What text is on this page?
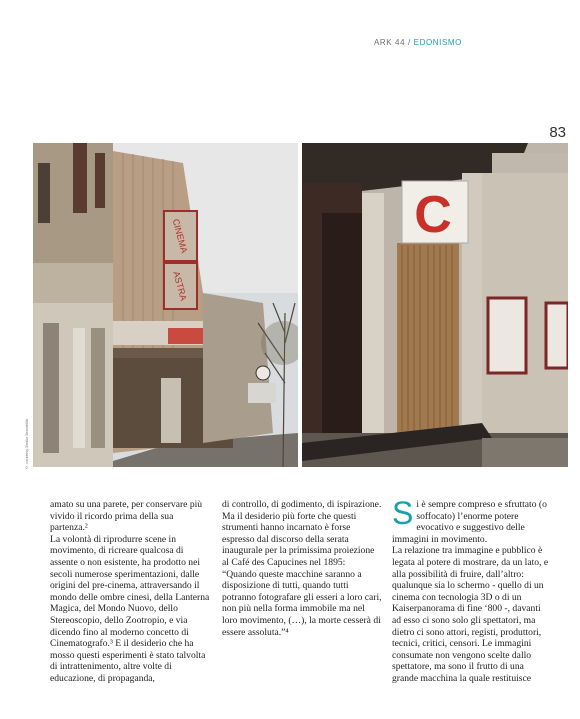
ARK 44 / EDONISMO
83
CINEMA
ASTRA
© courtesy Emilio Brambilla
C

amato su una parete, per conservare più vivido il ricordo prima della sua partenza.²

La volontà di riprodurre scene in movimento, di ricreare qualcosa di assente o non esistente, ha prodotto nei secoli numerose sperimentazioni, dalle origini del pre-cinema, attraversando il mondo delle ombre cinesi, della Lanterna Magica, del Mondo Nuovo, dello Stereoscopio, dello Zootropio, e via dicendo fino al moderno concetto di Cinematografo.³ E il desiderio che ha mosso questi esperimenti è stato talvolta di intrattenimento, altre volte di educazione, di propaganda,

di controllo, di godimento, di ispirazione.

Ma il desiderio più forte che questi strumenti hanno incarnato è forse espresso dal discorso della serata inaugurale per la primissima proiezione al Café des Capucines nel 1895: “Quando queste macchine saranno a disposizione di tutti, quando tutti potranno fotografare gli esseri a loro cari, non più nella forma immobile ma nel loro movimento, (…), la morte cesserà di essere assoluta.”⁴

S i è sempre compreso e sfruttato (o soffocato) l’enorme potere evocativo e suggestivo delle immagini in movimento.

La relazione tra immagine e pubblico è legata al potere di mostrare, da un lato, e alla possibilità di fruire, dall’altro: qualunque sia lo schermo - quello di un cinema con tecnologia 3D o di un Kaiserpanorama di fine ‘800 -, davanti ad esso ci sono solo gli spettatori, ma dietro ci sono attori, registi, produttori, tecnici, critici, censori. Le immagini consumate non vengono scelte dallo spettatore, ma sono il frutto di una grande macchina la quale restituisce
